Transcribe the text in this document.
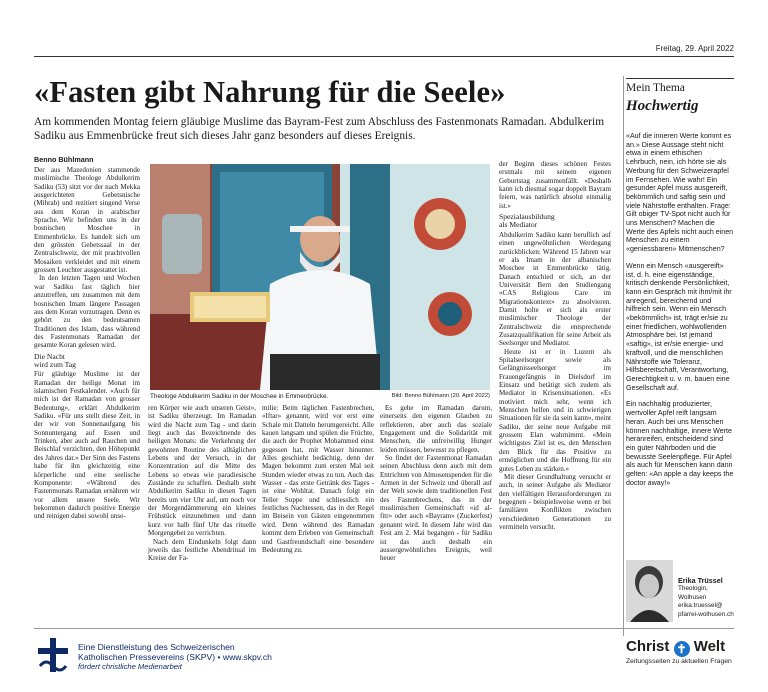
Freitag, 29. April 2022
«Fasten gibt Nahrung für die Seele»
Am kommenden Montag feiern gläubige Muslime das Bayram-Fest zum Abschluss des Fastenmonats Ramadan. Abdulkerim Sadiku aus Emmenbrücke freut sich dieses Jahr ganz besonders auf dieses Ereignis.
Benno Bühlmann

Der aus Mazedonien stammende muslimische Theologe Abdulkerim Sadiku (53) sitzt vor der nach Mekka ausgerichteten Gebetsnische (Mihrab) und rezitiert singend Verse aus dem Koran in arabischer Sprache. Wir befinden uns in der bosnischen Moschee in Emmenbrücke. Es handelt sich um den grössten Gebetssaal in der Zentralschweiz, der mit prachtvollen Mosaiken verkleidet und mit einem grossen Leuchter ausgestattet ist.

In den letzten Tagen und Wochen war Sadiku fast täglich hier anzutreffen, um zusammen mit dem bosnischen Imam längere Passagen aus dem Koran vorzutragen. Denn es gehört zu den bedeutsamen Traditionen des Islam, dass während des Fastenmonats Ramadan der gesamte Koran gelesen wird.

Die Nacht
wird zum Tag

Für gläubige Muslime ist der Ramadan der heilige Monat im islamischen Festkalender. «Auch für mich ist der Ramadan von grosser Bedeutung», erklärt Abdulkerim Sadiku. «Für uns stellt diese Zeit, in der wir von Sonnenaufgang bis Sonnuntergang auf Essen und Trinken, aber auch auf Rauchen und Beischlaf verzichten, den Höhepunkt des Jahres dar.» Der Sinn des Fastens habe für ihn gleichzeitig eine körperliche und eine seelische Komponente: «Während des Fastenmonats Ramadan ernähren wir vor allem unsere Seele. Wir bekommen dadurch positive Energie und reinigen dabei sowohl unse-

Theologe Abdulkerim Sadiku in der Moschee in Emmenbrücke.	Bild: Benno Bühlmann (20. April 2022)

ren Körper wie auch unseren Geist», ist Sadiku überzeugt. Im Ramadan wird die Nacht zum Tag - und darin liegt auch das Bezeichnende des heiligen Monats: die Verkehrung der gewohnten Routine des alltäglichen Lebens und der Versuch, in der Konzentration auf die Mitte des Lebens so etwas wie paradiesische Zustände zu schaffen. Deshalb steht Abdulkerim Sadiku in diesen Tagen bereits um vier Uhr auf, um noch vor der Morgendämmerung ein kleines Frühstück einzunehmen und dann kurz vor halb fünf Uhr das rituelle Morgengebet zu verrichten.

Nach dem Eindunkeln folgt dann jeweils das festliche Abendritual im Kreise der Fa-

milie: Beim täglichen Fastenbrechen, «Iftar» genannt, wird vor erst eine Schale mit Datteln herumgereicht. Alle kauen langsam und spülen die Früchte, die auch der Prophet Mohammed einst gegessen hat, mit Wasser hinunter. Alles geschieht bedächtig, denn der Magen bekommt zum ersten Mal seit Stunden wieder etwas zu tun. Auch das Wasser - das erste Getränk des Tages - ist eine Wohltat. Danach folgt ein Teller Suppe und schliesslich ein festliches Nachtessen, das in der Regel im Beisein von Gästen eingenommen wird. Denn während des Ramadan kommt dem Erleben von Gemeinschaft und Gastfreundschaft eine besondere Bedeutung zu.

Es gehe im Ramadan darum, einerseits den eigenen Glauben zu reflektieren, aber auch das soziale Engagement und die Solidarität mit Menschen, die unfreiwillig Hunger leiden müssen, bewusst zu pflegen.

So findet der Fastenmonat Ramadan seinen Abschluss denn auch mit dem Entrichten von Almosenspenden für die Armen in der Schweiz und überall auf der Welt sowie dem traditionellen Fest des Fastenbrechens, das in der muslimischen Gemeinschaft «id al-fitr» oder auch «Bayram» (Zuckerfest) genannt wird. In diesem Jahr wird das Fest am 2. Mai begangen - für Sadiku ist das auch deshalb ein aussergewöhnliches Ereignis, weil heuer

der Beginn dieses schönen Festes erstmals mit seinem eigenen Geburtstag zusammenfällt. «Deshalb kann ich diesmal sogar doppelt Bayram feiern, was natürlich absolut einmalig ist.»

Spezialausbildung
als Mediator

Abdulkerim Sadiku kann beruflich auf einen ungewöhnlichen Werdegang zurückblicken: Während 15 Jahren war er als Imam in der albanischen Moschee in Emmenbrücke tätig. Danach entschied er sich, an der Universität Bern den Studiengang «CAS Religious Care im Migrationskontext» zu absolvieren. Damit holte er sich als erster muslimischer Theologe der Zentralschweiz die entsprechende Zusatzqualifikation für seine Arbeit als Seelsorger und Mediator.

Heute ist er in Luzern als Spitalseelsorger sowie als Gefängnisseelsorger im Frauengefängnis in Dielsdorf im Einsatz und betätigt sich zudem als Mediator in Krisensituationen. «Es motiviert mich sehr, wenn ich Menschen helfen und in schwierigen Situationen für sie da sein kann», meint Sadiku, der seine neue Aufgabe mit grossem Elan wahrnimmt. «Mein wichtigstes Ziel ist es, den Menschen den Blick für das Positive zu ermöglichen und die Hoffnung für ein gutes Leben zu stärken.»

Mit dieser Grundhaltung versucht er auch, in seiner Aufgabe als Mediator den vielfältigen Herausforderungen zu begegnen - beispielsweise wenn er bei familiären Konflikten zwischen verschiedenen Generationen zu vermitteln versucht.

Mein Thema
Hochwertig

«Auf die inneren Werte kommt es an.» Diese Aussage steht nicht etwa in einem ethischen Lehrbuch, nein, ich hörte sie als Werbung für den Schweizerapfel im Fernsehen. Wie wahr! Ein gesunder Apfel muss ausgereift, bekömmlich und saftig sein und viele Nährstoffe enthalten. Frage: Gilt obiger TV-Spot nicht auch für uns Menschen? Machen die Werte des Apfels nicht auch einen Menschen zu einem «geniessbaren» Mitmenschen?

Wenn ein Mensch «ausgereift» ist, d. h. eine eigenständige, kritisch denkende Persönlichkeit, kann ein Gespräch mit ihm/mit ihr anregend, bereichernd und hilfreich sein. Wenn ein Mensch «bekömmlich» ist, trägt er/sie zu einer friedlichen, wohlwollenden Atmosphäre bei. Ist jemand «saftig», ist er/sie energie- und kraftvoll, und die menschlichen Nährstoffe wie Toleranz, Hilfsbereitschaft, Verantwortung, Gerechtigkeit u. v. m. bauen eine Gesellschaft auf.

Ein nachhaltig produzierter, wertvoller Apfel reift langsam heran. Auch bei uns Menschen können nachhaltige, innere Werte heranreifen, entscheidend sind ein guter Nährboden und die bewusste Seelenpflege. Für Apfel als auch für Menschen kann dann gelten: «An apple a day keeps the doctor away!»

Erika Trüssel
Theologin,
Wolhusen
erika.truessel@
pfarrei-wolhusen.ch
Eine Dienstleistung des Schweizerischen
Katholischen Pressevereins (SKPV) • www.skpv.ch
fördert christliche Medienarbeit
Christ ✝ Welt
Zeitungsseiten zu aktuellen Fragen
